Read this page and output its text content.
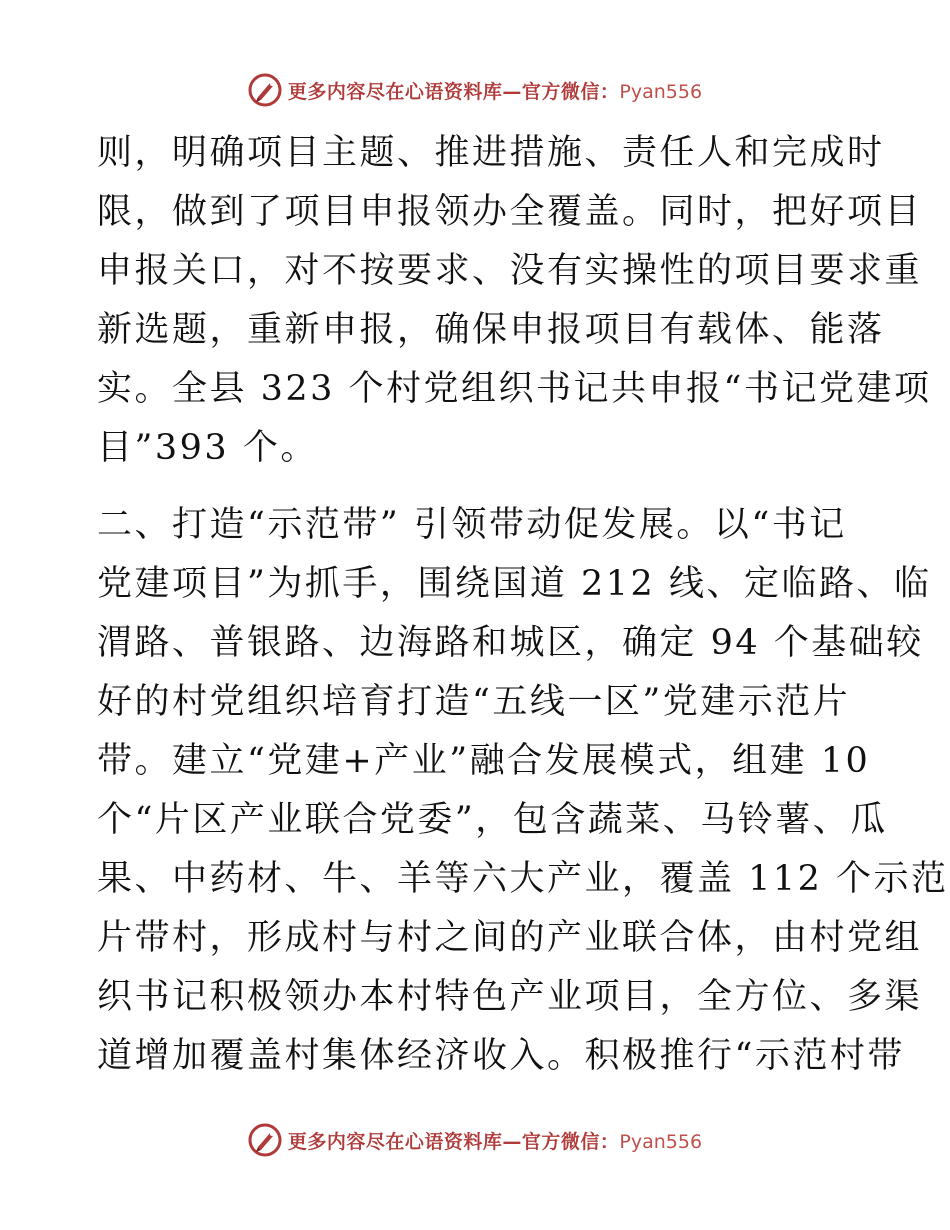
更多内容尽在心语资料库—官方微信：Pyan556
则，明确项目主题、推进措施、责任人和完成时
限，做到了项目申报领办全覆盖。同时，把好项目
申报关口，对不按要求、没有实操性的项目要求重
新选题，重新申报，确保申报项目有载体、能落
实。全县 323 个村党组织书记共申报“书记党建项
目”393 个。
二、打造“示范带” 引领带动促发展。以“书记
党建项目”为抓手，围绕国道 212 线、定临路、临
渭路、普银路、边海路和城区，确定 94 个基础较
好的村党组织培育打造“五线一区”党建示范片
带。建立“党建+产业”融合发展模式，组建 10
个“片区产业联合党委”，包含蔬菜、马铃薯、瓜
果、中药材、牛、羊等六大产业，覆盖 112 个示范
片带村，形成村与村之间的产业联合体，由村党组
织书记积极领办本村特色产业项目，全方位、多渠
道增加覆盖村集体经济收入。积极推行“示范村带
更多内容尽在心语资料库—官方微信：Pyan556
